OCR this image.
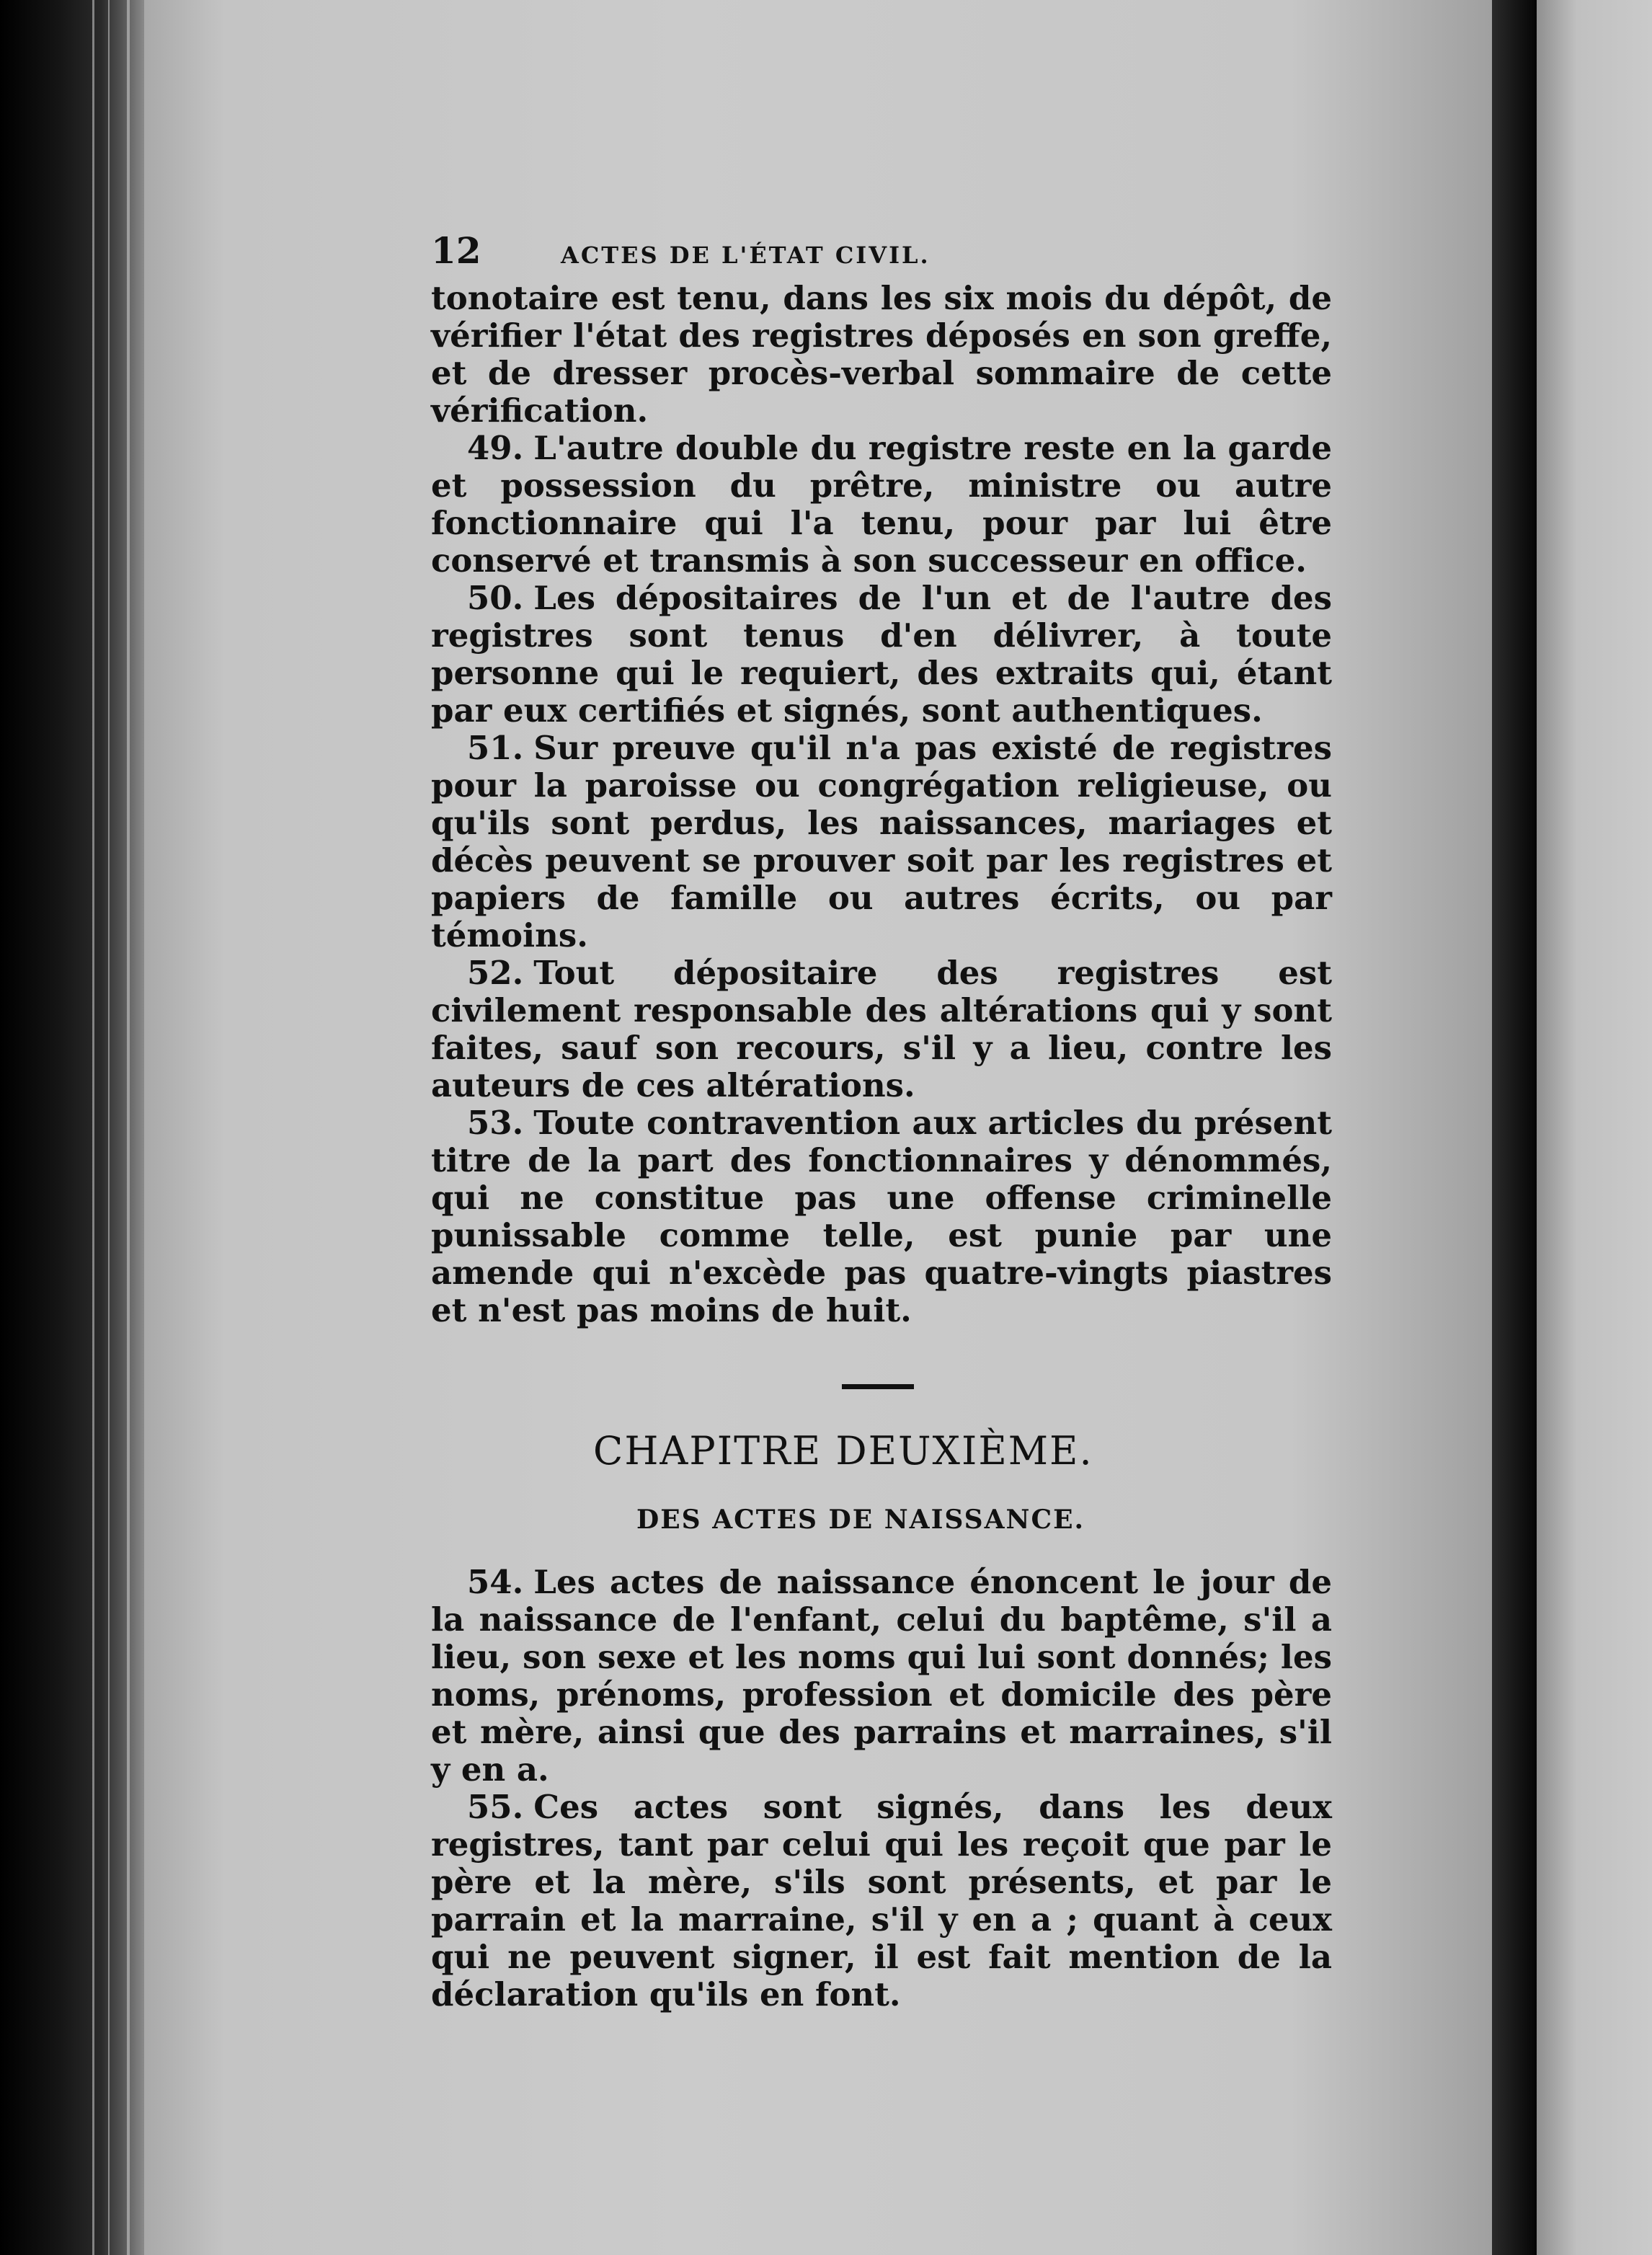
12	ACTES DE L'ÉTAT CIVIL.

tonotaire est tenu, dans les six mois du dépôt, de vérifier l'état des registres déposés en son greffe, et de dresser procès-verbal sommaire de cette vérification.

49. L'autre double du registre reste en la garde et possession du prêtre, ministre ou autre fonctionnaire qui l'a tenu, pour par lui être conservé et transmis à son successeur en office.

50. Les dépositaires de l'un et de l'autre des registres sont tenus d'en délivrer, à toute personne qui le requiert, des extraits qui, étant par eux certifiés et signés, sont authentiques.

51. Sur preuve qu'il n'a pas existé de registres pour la paroisse ou congrégation religieuse, ou qu'ils sont perdus, les naissances, mariages et décès peuvent se prouver soit par les registres et papiers de famille ou autres écrits, ou par témoins.

52. Tout dépositaire des registres est civilement responsable des altérations qui y sont faites, sauf son recours, s'il y a lieu, contre les auteurs de ces altérations.

53. Toute contravention aux articles du présent titre de la part des fonctionnaires y dénommés, qui ne constitue pas une offense criminelle punissable comme telle, est punie par une amende qui n'excède pas quatre-vingts piastres et n'est pas moins de huit.

CHAPITRE DEUXIÈME.
DES ACTES DE NAISSANCE.

54. Les actes de naissance énoncent le jour de la naissance de l'enfant, celui du baptême, s'il a lieu, son sexe et les noms qui lui sont donnés; les noms, prénoms, profession et domicile des père et mère, ainsi que des parrains et marraines, s'il y en a.

55. Ces actes sont signés, dans les deux registres, tant par celui qui les reçoit que par le père et la mère, s'ils sont présents, et par le parrain et la marraine, s'il y en a ; quant à ceux qui ne peuvent signer, il est fait mention de la déclaration qu'ils en font.
